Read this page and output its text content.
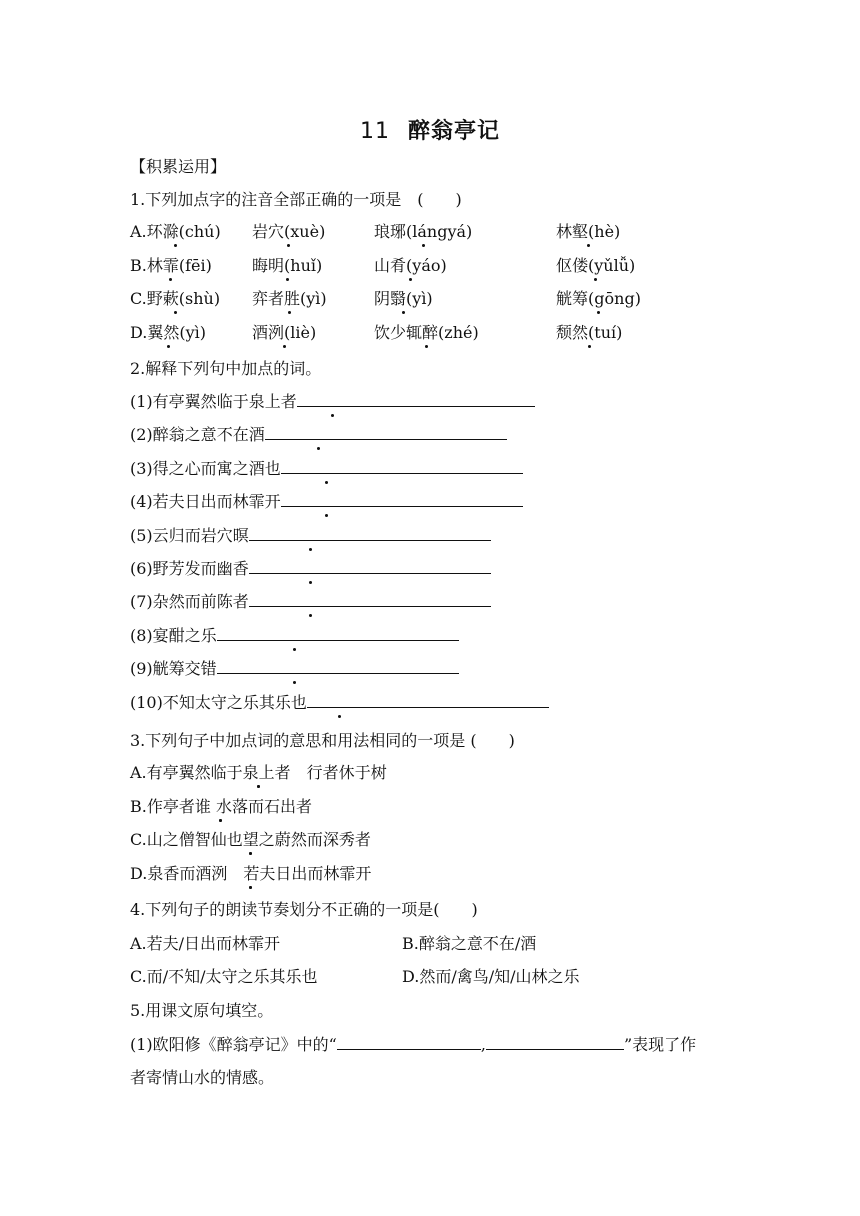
11 醉翁亭记
【积累运用】
1.下列加点字的注音全部正确的一项是　(　　)
A.环滁(chú) 岩穴(xuè)	琅琊(lángyá)	林壑(hè)
B.林霏(fēi)	晦明(huǐ)	山肴(yáo)	伛偻(yǔlǚ)
C.野蔌(shù) 弈者胜(yì)	阴翳(yì)	觥筹(gōng)
D.翼然(yì)	酒洌(liè)	饮少辄醉(zhé)	颓然(tuí)
2.解释下列句中加点的词。
(1)有亭翼然临于泉上者
(2)醉翁之意不在酒
(3)得之心而寓之酒也
(4)若夫日出而林霏开
(5)云归而岩穴暝
(6)野芳发而幽香
(7)杂然而前陈者
(8)宴酣之乐
(9)觥筹交错
(10)不知太守之乐其乐也
3.下列句子中加点词的意思和用法相同的一项是 (　　)
A.有亭翼然临于泉上者　行者休于树
B.作亭者谁 水落而石出者
C.山之僧智仙也望之蔚然而深秀者
D.泉香而酒洌　若夫日出而林霏开
4.下列句子的朗读节奏划分不正确的一项是(　　)
A.若夫/日出而林霏开	B.醉翁之意不在/酒
C.而/不知/太守之乐其乐也	D.然而/禽鸟/知/山林之乐
5.用课文原句填空。
(1)欧阳修《醉翁亭记》中的“	,	”表现了作
者寄情山水的情感。
